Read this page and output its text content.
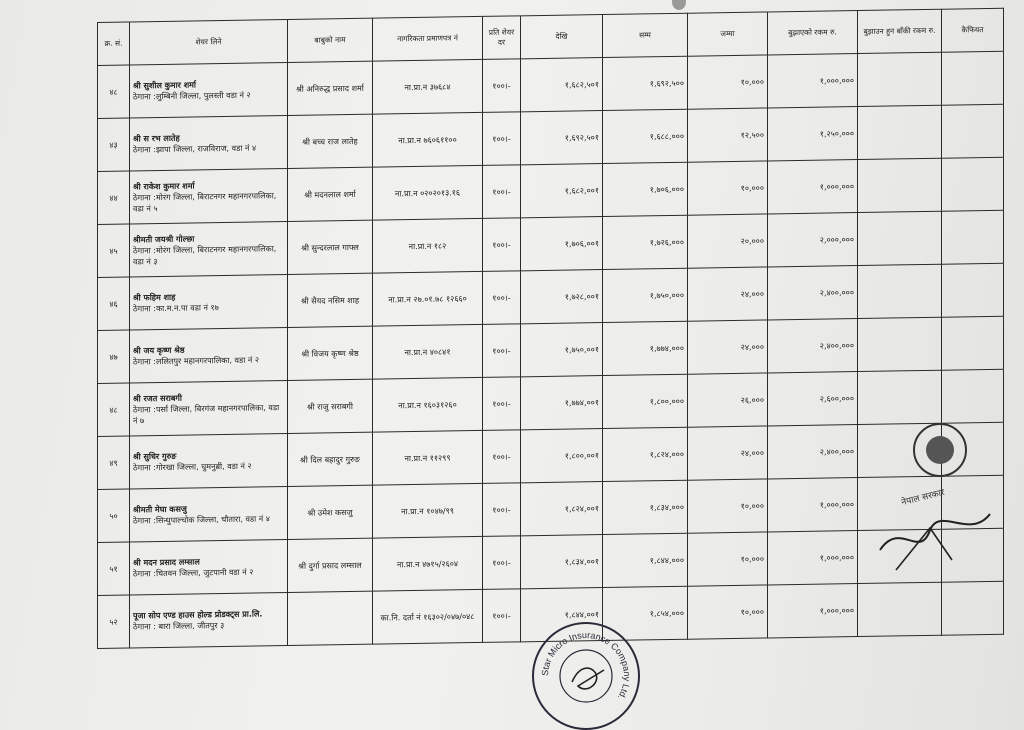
क्र. सं.	शेयर लिने	बाबुको नाम	नागरिकता प्रमाणपत्र नं	प्रति शेयर दर	देखि	सम्म	जम्मा	बुझाएको रकम रु.	बुझाउन हुन बाँकी रकम रु.	कैफियत
४८	श्री सुशील कुमार शर्मा
ठेगाना :लुम्बिनी जिल्ला, पुलस्ती वडा नं २	श्री अनिरुद्ध प्रसाद शर्मा	ना.प्रा.न ३७६८४	१००।-	१,६८२,५०१	१,६९२,५००	१०,०००	१,०००,०००		
४३	श्री स रभ लातेह
ठेगाना :झापा जिल्ला, राजविराज, वडा नं ४	श्री बच्च राज लातेह	ना.प्रा.न ७६०६११००	१००।-	१,६९२,५०१	१,६८८,०००	१२,५००	१,२५०,०००		
४४	श्री राकेश कुमार शर्मा
ठेगाना :मोरंग जिल्ला, बिराटनगर महानगरपालिका, वडा नं ५	श्री मदनलाल शर्मा	ना.प्रा.न ०२०२०१३.१६	१००।-	१,६८२,००१	१,७०६,०००	१०,०००	१,०००,०००		
४५	श्रीमती जयश्री गोल्छा
ठेगाना :मोरंग जिल्ला, बिराटनगर महानगरपालिका, वडा नं ३	श्री सुन्दरलाल गाफ्ल	ना.प्रा.न १८२	१००।-	१,७०६,००१	१,७२६,०००	२०,०००	२,०००,०००		
४६	श्री फहिम शाह
ठेगाना :का.म.न.पा वडा नं १७	श्री सैयद नसिम शाह	ना.प्रा.न २७.०१.७८ १२६६०	१००।-	१,७२८,००१	१,७५०,०००	२४,०००	२,४००,०००		
४७	श्री जय कृष्ण श्रेष्ठ
ठेगाना :ललितपुर महानगरपालिका, वडा नं २	श्री विजय कृष्ण श्रेष्ठ	ना.प्रा.न ४०८४१	१००।-	१,७५०,००१	१,७७४,०००	२४,०००	२,४००,०००		
४८	श्री रजत सराबगी
ठेगाना :पर्सा जिल्ला, बिरगंज महानगरपालिका, वडा नं ७	श्री राजु सराबगी	ना.प्रा.न १६०३१२६०	१००।-	१,७७४,००१	१,८००,०००	२६,०००	२,६००,०००		
४९	श्री सुधिर गुरुङ
ठेगाना :गोरखा जिल्ला, चुमनुब्री, वडा नं २	श्री दिल बहादुर गुरुङ	ना.प्रा.न ११२९९	१००।-	१,८००,००१	१,८२४,०००	२४,०००	२,४००,०००		
५०	श्रीमती मेघा कसजु
ठेगाना :सिन्धुपाल्चोक जिल्ला, चौतारा, वडा नं ४	श्री उमेश कसजु	ना.प्रा.न १०४७/९९	१००।-	१,८२४,००१	१,८३४,०००	१०,०००	१,०००,०००		
५१	श्री मदन प्रसाद लम्साल
ठेगाना :चितवन जिल्ला, जुटपानी वडा नं २	श्री दुर्गा प्रसाद लम्साल	ना.प्रा.न ४७१५/२६०४	१००।-	१,८३४,००१	१,८४४,०००	१०,०००	१,०००,०००		
५२	पूजा सोप एण्ड हाउस होल्ड प्रोडक्ट्स प्रा.लि.
ठेगाना : बारा जिल्ला, जीतपुर ३		का.नि. दर्ता नं १६३०२/०४७/०४८	१००।-	१,८४४,००१	१,८५४,०००	१०,०००	१,०००,०००		
Star Micro Insurance Company Ltd.
नेपाल सरकार
